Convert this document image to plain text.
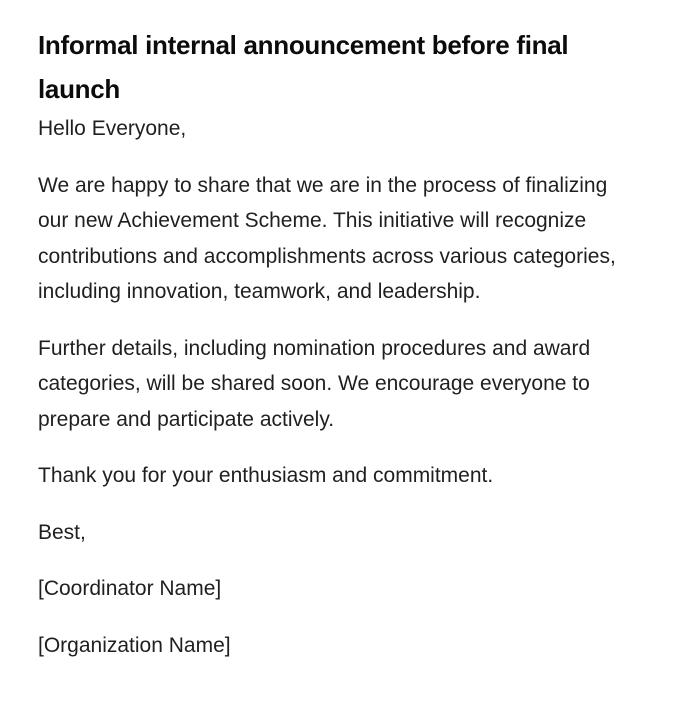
Informal internal announcement before final launch

Hello Everyone,

We are happy to share that we are in the process of finalizing our new Achievement Scheme. This initiative will recognize contributions and accomplishments across various categories, including innovation, teamwork, and leadership.

Further details, including nomination procedures and award categories, will be shared soon. We encourage everyone to prepare and participate actively.

Thank you for your enthusiasm and commitment.

Best,

[Coordinator Name]

[Organization Name]
